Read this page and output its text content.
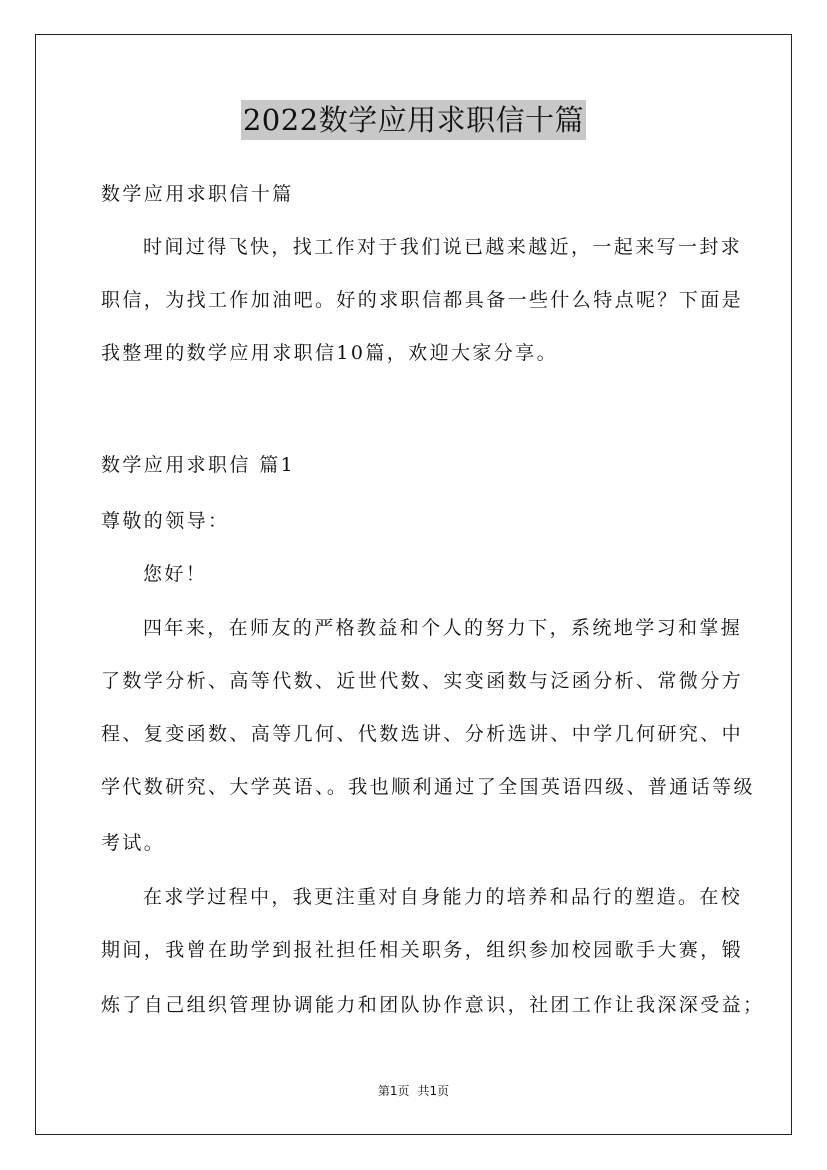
2022数学应用求职信十篇
数学应用求职信十篇
时间过得飞快，找工作对于我们说已越来越近，一起来写一封求
职信，为找工作加油吧。好的求职信都具备一些什么特点呢？下面是
我整理的数学应用求职信10篇，欢迎大家分享。
数学应用求职信 篇1
尊敬的领导：
您好！
四年来，在师友的严格教益和个人的努力下，系统地学习和掌握
了数学分析、高等代数、近世代数、实变函数与泛函分析、常微分方
程、复变函数、高等几何、代数选讲、分析选讲、中学几何研究、中
学代数研究、大学英语、。我也顺利通过了全国英语四级、普通话等级
考试。
在求学过程中，我更注重对自身能力的培养和品行的塑造。在校
期间，我曾在助学到报社担任相关职务，组织参加校园歌手大赛，锻
炼了自己组织管理协调能力和团队协作意识，社团工作让我深深受益；
第1页 共1页
